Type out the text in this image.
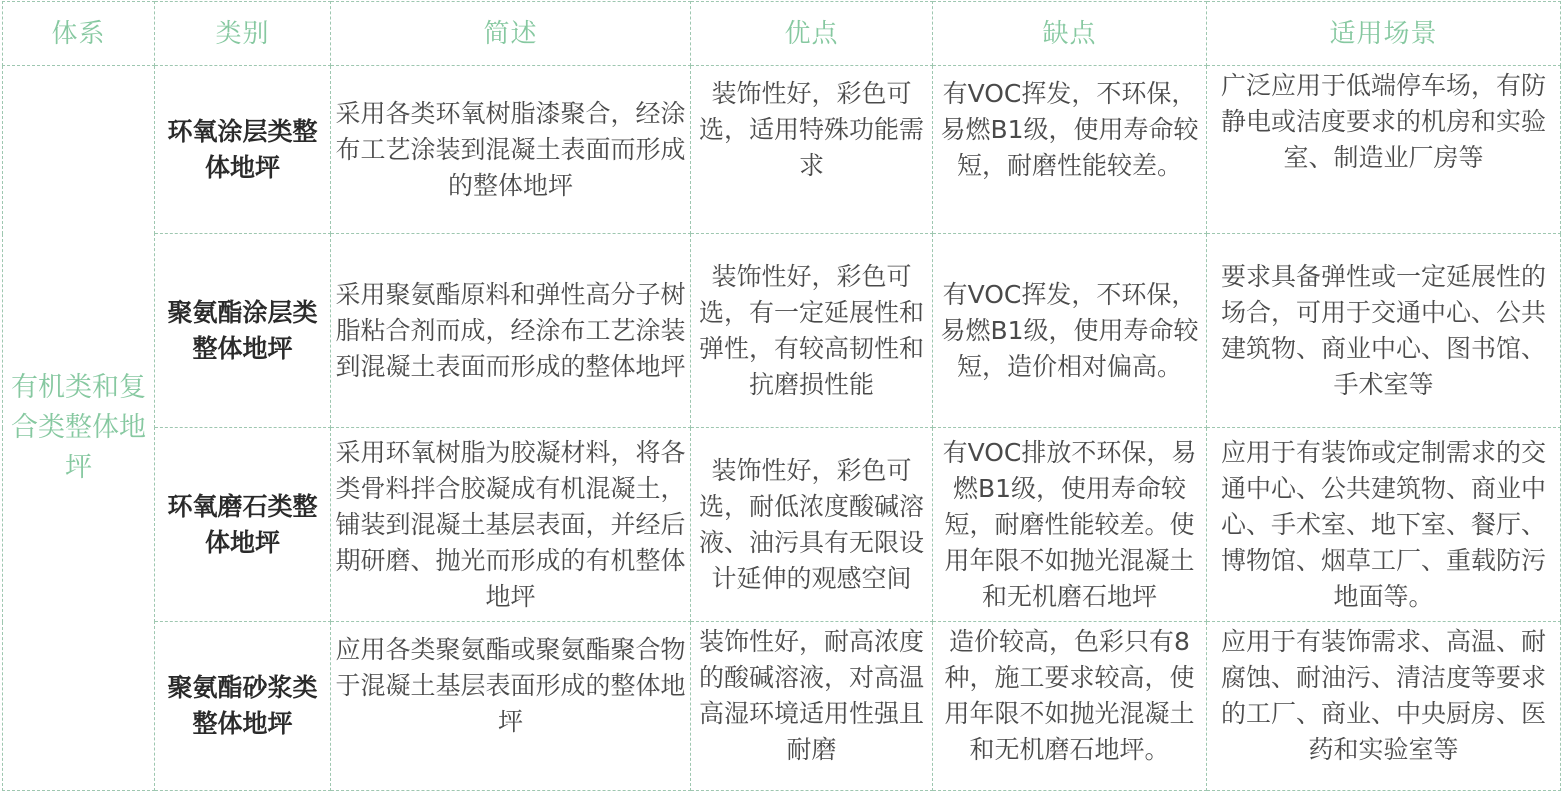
体系	类别	简述	优点	缺点	适用场景
有机类和复合类整体地坪	环氧涂层类整体地坪	采用各类环氧树脂漆聚合，经涂布工艺涂装到混凝土表面而形成的整体地坪	装饰性好，彩色可选，适用特殊功能需求	有VOC挥发，不环保，易燃B1级，使用寿命较短，耐磨性能较差。	广泛应用于低端停车场，有防静电或洁度要求的机房和实验室、制造业厂房等
	聚氨酯涂层类整体地坪	采用聚氨酯原料和弹性高分子树脂粘合剂而成，经涂布工艺涂装到混凝土表面而形成的整体地坪	装饰性好，彩色可选，有一定延展性和弹性，有较高韧性和抗磨损性能	有VOC挥发，不环保，易燃B1级，使用寿命较短，造价相对偏高。	要求具备弹性或一定延展性的场合，可用于交通中心、公共建筑物、商业中心、图书馆、手术室等
	环氧磨石类整体地坪	采用环氧树脂为胶凝材料，将各类骨料拌合胶凝成有机混凝土，铺装到混凝土基层表面，并经后期研磨、抛光而形成的有机整体地坪	装饰性好，彩色可选，耐低浓度酸碱溶液、油污具有无限设计延伸的观感空间	有VOC排放不环保，易燃B1级，使用寿命较短，耐磨性能较差。使用年限不如抛光混凝土和无机磨石地坪	应用于有装饰或定制需求的交通中心、公共建筑物、商业中心、手术室、地下室、餐厅、博物馆、烟草工厂、重载防污地面等。
	聚氨酯砂浆类整体地坪	应用各类聚氨酯或聚氨酯聚合物于混凝土基层表面形成的整体地坪	装饰性好，耐高浓度的酸碱溶液，对高温高湿环境适用性强且耐磨	造价较高，色彩只有8种，施工要求较高，使用年限不如抛光混凝土和无机磨石地坪。	应用于有装饰需求、高温、耐腐蚀、耐油污、清洁度等要求的工厂、商业、中央厨房、医药和实验室等
